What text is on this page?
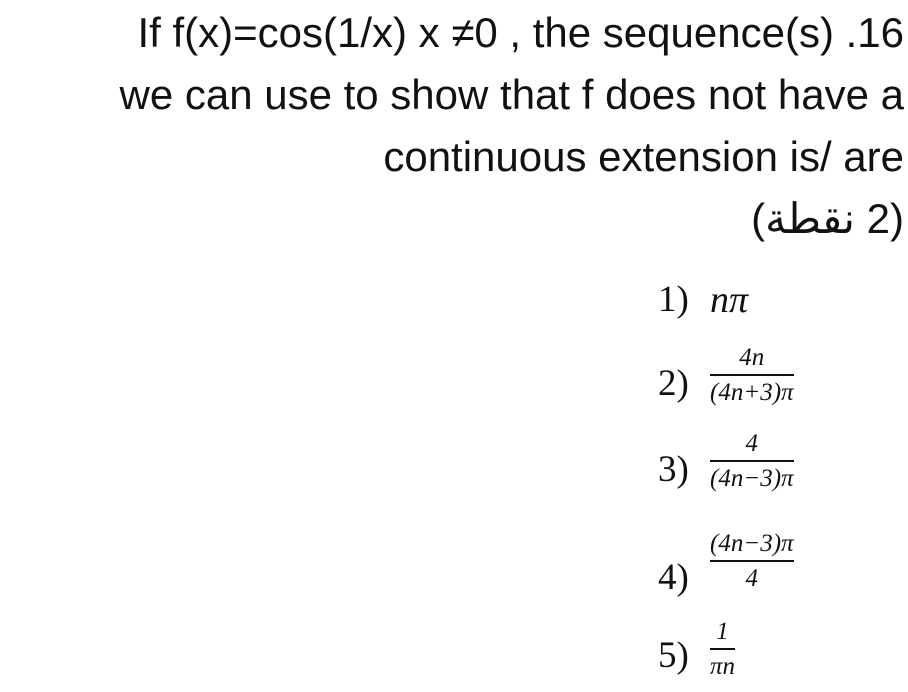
If f(x)=cos(1/x) x ≠0 , the sequence(s) .16
we can use to show that f does not have a
continuous extension is/ are
(2 نقطة)
1) nπ
2)
4n
(4n+3)π
3)
4
(4n−3)π
4)
(4n−3)π
4
5)
1
πn
